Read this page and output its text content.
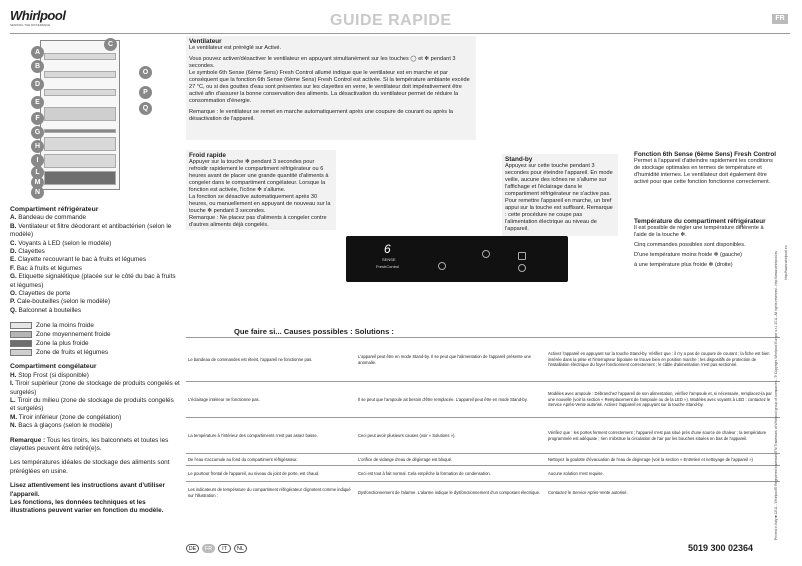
Whirlpool
SENSING THE DIFFERENCE	GUIDE RAPIDE	FR
A
B
D
E
F
G
H
I
L
M
N
C
O
P
Q
Compartiment réfrigérateur
A. Bandeau de commande
B. Ventilateur et filtre déodorant et antibactérien (selon le modèle)
C. Voyants à LED (selon le modèle)
D. Clayettes
E. Clayette recouvrant le bac à fruits et légumes
F. Bac à fruits et légumes
G. Etiquette signalétique (placée sur le côté du bac à fruits et légumes)
O. Clayettes de porte
P. Cale-bouteilles (selon le modèle)
Q. Balconnet à bouteilles
Zone la moins froide
Zone moyennement froide
Zone la plus froide
Zone de fruits et légumes
Compartiment congélateur
H. Stop Frost (si disponible)
I. Tiroir supérieur (zone de stockage de produits congelés et surgelés)
L. Tiroir du milieu (zone de stockage de produits congelés et surgelés)
M. Tiroir inférieur (zone de congélation)
N. Bacs à glaçons (selon le modèle)
Remarque : Tous les tiroirs, les balconnets et toutes les clayettes peuvent être retiré(e)s.
Les températures idéales de stockage des aliments sont préréglées en usine.
Lisez attentivement les instructions avant d'utiliser l'appareil.
Les fonctions, les données techniques et les illustrations peuvent varier en fonction du modèle.
Ventilateur

Le ventilateur est préréglé sur Activé.

Vous pouvez activer/désactiver le ventilateur en appuyant simultanément sur les touches ◯ et ✻ pendant 3 secondes.

Le symbole 6th Sense (6ème Sens) Fresh Control allumé indique que le ventilateur est en marche et par conséquent que la fonction 6th Sense (6ème Sens) Fresh Control est activée. Si la température ambiante excède 27 °C, ou si des gouttes d'eau sont présentes sur les clayettes en verre, le ventilateur doit impérativement être activé afin d'assurer la bonne conservation des aliments. La désactivation du ventilateur permet de réduire la consommation d'énergie.

Remarque : le ventilateur se remet en marche automatiquement après une coupure de courant ou après la désactivation de l'appareil.

Froid rapide

Appuyer sur la touche ✻ pendant 3 secondes pour refroidir rapidement le compartiment réfrigérateur ou 6 heures avant de placer une grande quantité d'aliments à congeler dans le compartiment congélateur. Lorsque la fonction est activée, l'icône ✻ s'allume.

La fonction se désactive automatiquement après 30 heures, ou manuellement en appuyant de nouveau sur la touche ✻ pendant 3 secondes.

Remarque : Ne placez pas d'aliments à congeler contre d'autres aliments déjà congelés.

Stand-by

Appuyez sur cette touche pendant 3 secondes pour éteindre l'appareil. En mode veille, aucune des icônes ne s'allume sur l'affichage et l'éclairage dans le compartiment réfrigérateur ne s'active pas. Pour remettre l'appareil en marche, un bref appui sur la touche est suffisant. Remarque : cette procédure ne coupe pas l'alimentation électrique au niveau de l'appareil.

Fonction 6th Sense (6ème Sens) Fresh Control

Permet à l'appareil d'atteindre rapidement les conditions de stockage optimales en termes de température et d'humidité internes. Le ventilateur doit également être activé pour que cette fonction fonctionne correctement.

Température du compartiment réfrigérateur

Il est possible de régler une température différente à l'aide de la touche ✻.

Cinq commandes possibles sont disponibles.

D'une température moins froide ✻ (gauche)

à une température plus froide ✻ (droite)

6
SENSE
FreshControl
Que faire si... Causes possibles : Solutions :
Le bandeau de commandes est éteint, l'appareil ne fonctionne pas.	L'appareil peut être en mode Stand-by. Il se peut que l'alimentation de l'appareil présente une anomalie.	Activez l'appareil en appuyant sur la touche Stand-by. Vérifiez que : il n'y a pas de coupure de courant ; la fiche est bien insérée dans la prise et l'interrupteur bipolaire se trouve bien en position marche ; les dispositifs de protection de l'installation électrique du foyer fonctionnent correctement ; le câble d'alimentation n'est pas sectionné.
L'éclairage intérieur ne fonctionne pas.	Il se peut que l'ampoule ait besoin d'être remplacée. L'appareil peut être en mode Stand-by.	Modèles avec ampoule : Débranchez l'appareil de son alimentation, vérifiez l'ampoule et, si nécessaire, remplacez-la par une nouvelle (voir la section « Remplacement de l'ampoule ou de la LED »). Modèles avec voyants à LED : contactez le Service Après-Vente autorisé. Activez l'appareil en appuyant sur la touche Stand-by.
La température à l'intérieur des compartiments n'est pas assez basse.	Ceci peut avoir plusieurs causes (voir « Solutions »).	Vérifiez que : les portes ferment correctement ; l'appareil n'est pas situé près d'une source de chaleur ; la température programmée est adéquate ; rien n'obstrue la circulation de l'air par les bouches situées en bas de l'appareil.
De l'eau s'accumule au fond du compartiment réfrigérateur.	L'orifice de vidange d'eau de dégivrage est bloqué.	Nettoyez la goulotte d'évacuation de l'eau de dégivrage (voir la section « Entretien et nettoyage de l'appareil »)
Le pourtour frontal de l'appareil, au niveau du joint de porte, est chaud.	Ceci est tout à fait normal. Cela empêche la formation de condensation.	Aucune solution n'est requise.
Les indicateurs de température du compartiment réfrigérateur clignotent comme indiqué sur l'illustration :	Dysfonctionnement de l'alarme. L'alarme indique le dysfonctionnement d'un composant électrique.	Contactez le Service Après-Vente autorisé.
DE	FR	IT	NL	5019 300 02364

Printed in Italy ■ 12/11 - Whirlpool® Registered trademark/TM Trademark of Whirlpool group of companies - © Copyright Whirlpool Europe s.r.l. 2011. All rights reserved - http://www.whirlpool.eu http://www.whirlpool.eu
